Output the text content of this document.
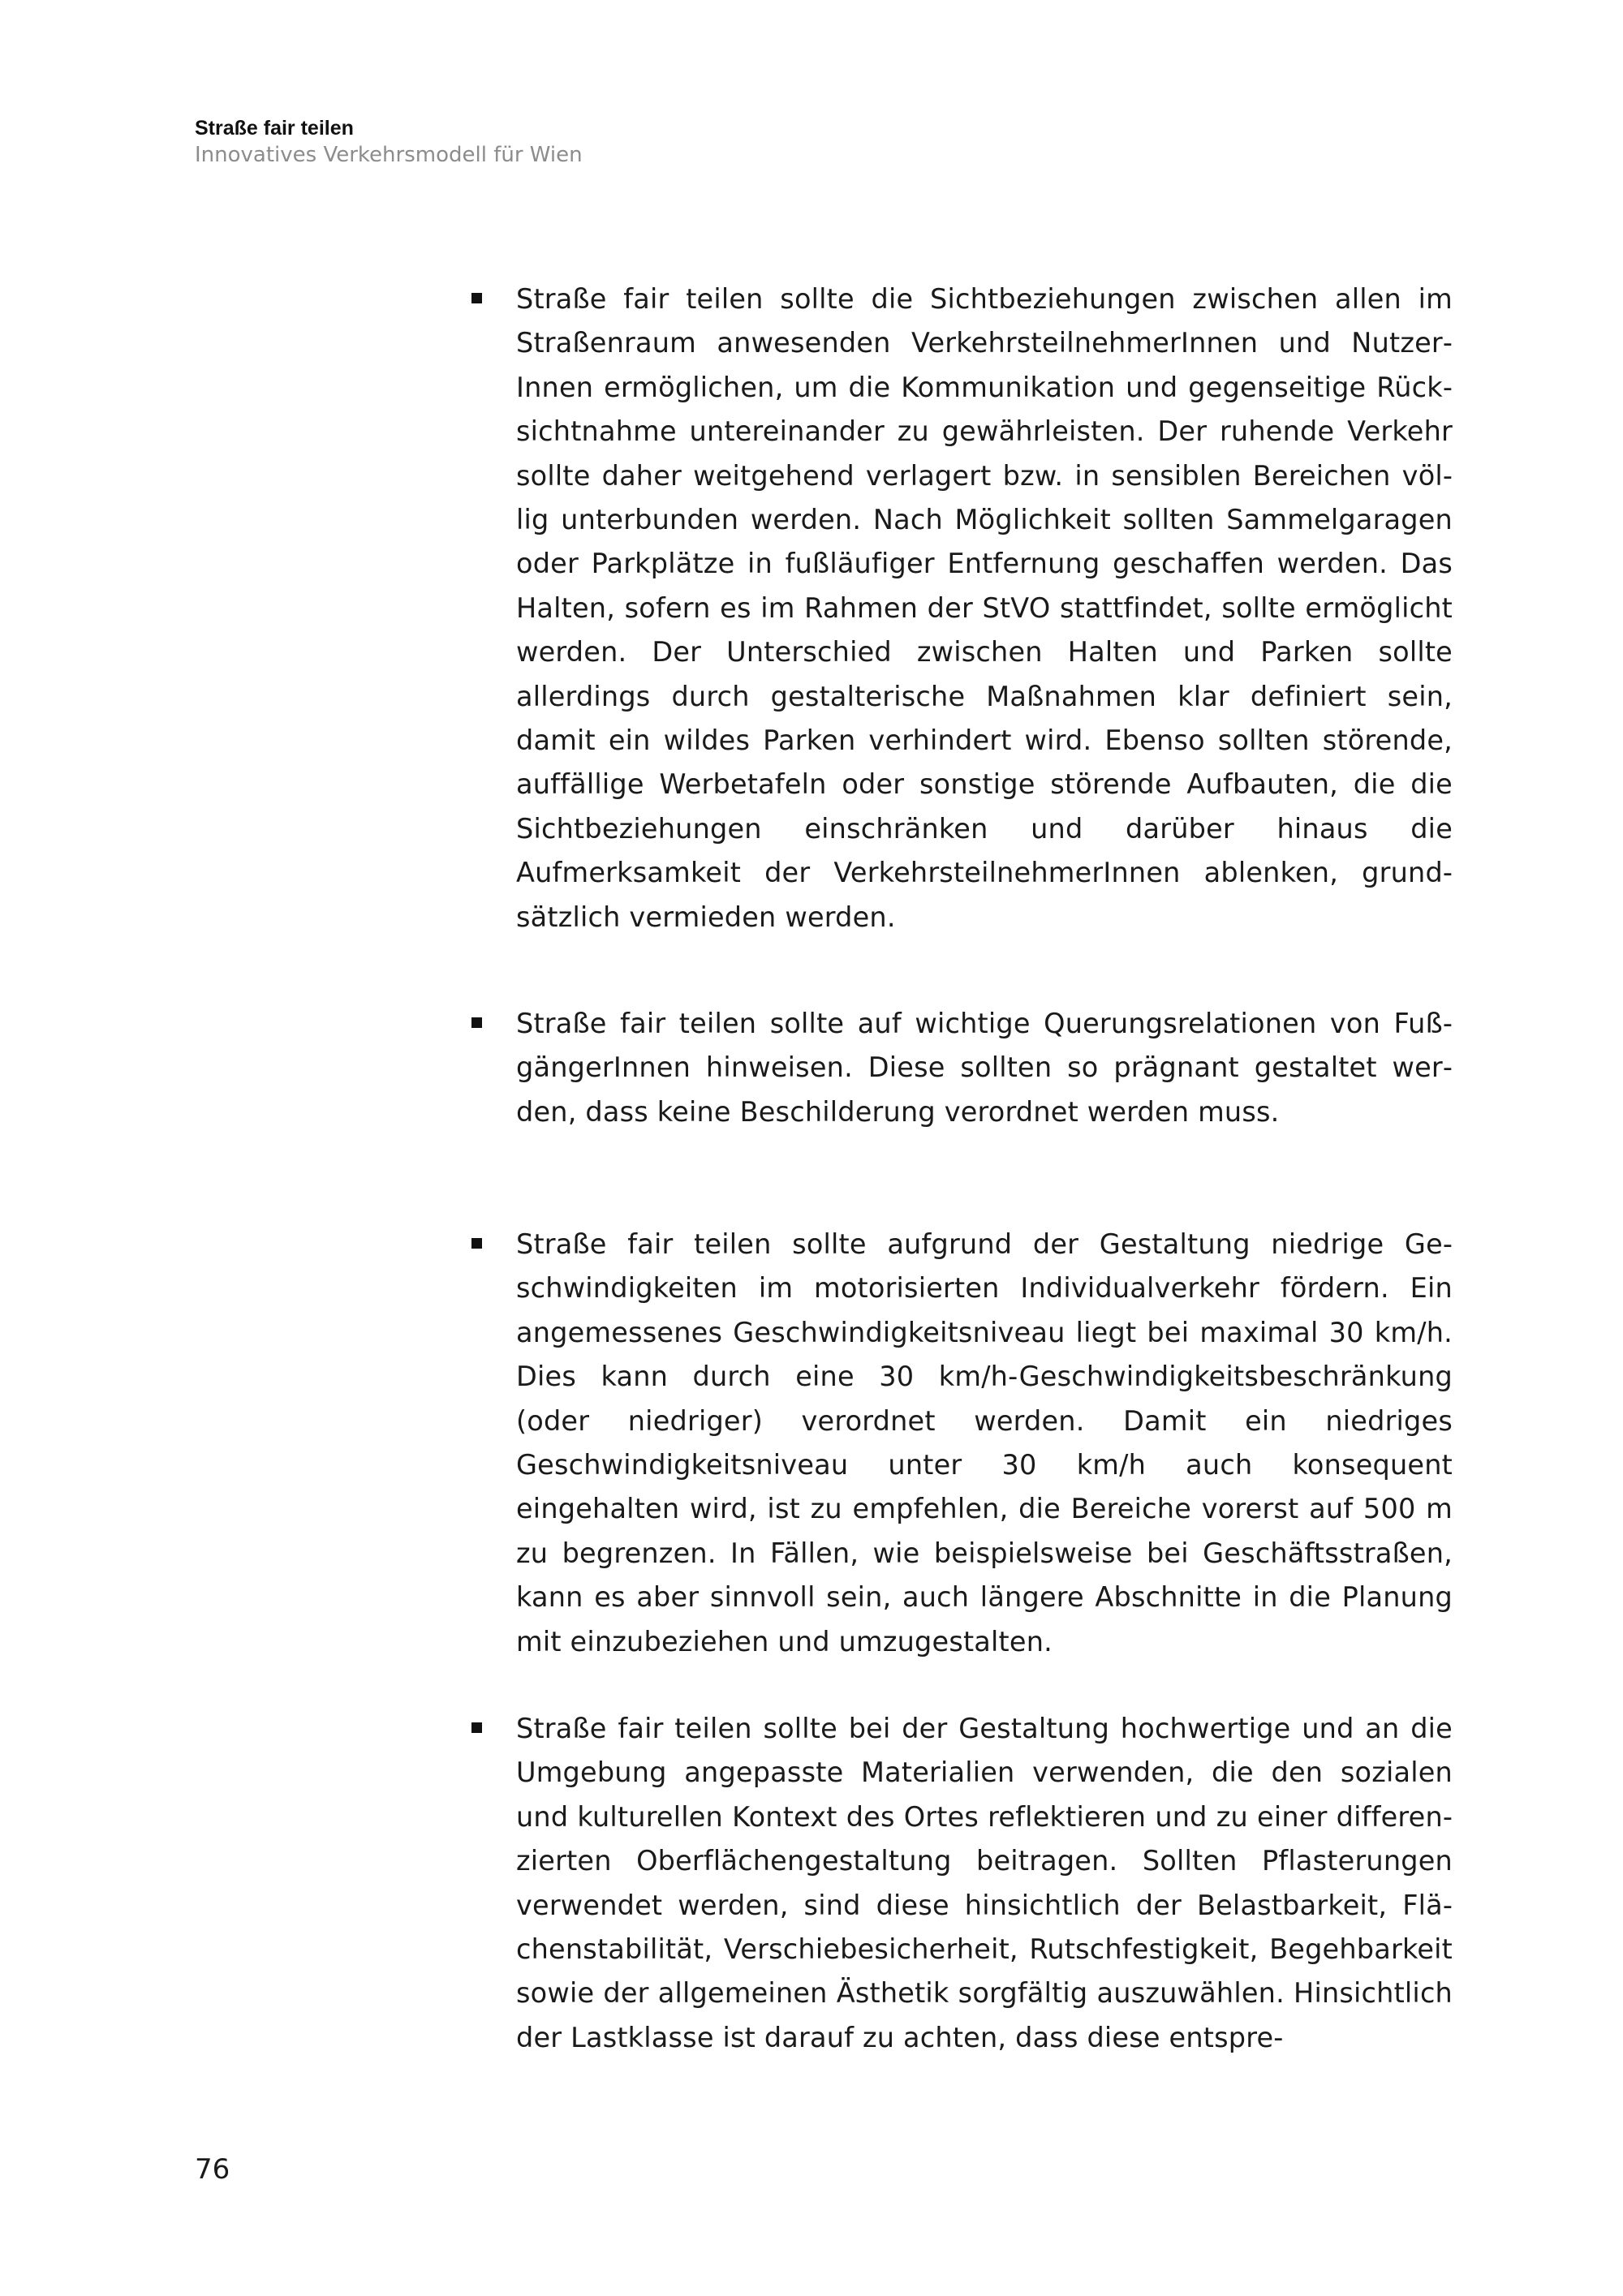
Straße fair teilen
Innovatives Verkehrsmodell für Wien
Straße fair teilen sollte die Sichtbeziehungen zwischen allen im Straßenraum anwesenden VerkehrsteilnehmerInnen und NutzerInnen ermöglichen, um die Kommunikation und gegenseitige Rücksichtnahme untereinander zu gewährleisten. Der ruhende Verkehr sollte daher weitgehend verlagert bzw. in sensiblen Bereichen völlig unterbunden werden. Nach Möglichkeit sollten Sammelgaragen oder Parkplätze in fußläufiger Entfernung geschaffen werden. Das Halten, sofern es im Rahmen der StVO stattfindet, sollte ermöglicht werden. Der Unterschied zwischen Halten und Parken sollte allerdings durch gestalterische Maßnahmen klar definiert sein, damit ein wildes Parken verhindert wird. Ebenso sollten störende, auffällige Werbetafeln oder sonstige störende Aufbauten, die die Sichtbeziehungen einschränken und darüber hinaus die Aufmerksamkeit der VerkehrsteilnehmerInnen ablenken, grundsätzlich vermieden werden.
Straße fair teilen sollte auf wichtige Querungsrelationen von FußgängerInnen hinweisen. Diese sollten so prägnant gestaltet werden, dass keine Beschilderung verordnet werden muss.
Straße fair teilen sollte aufgrund der Gestaltung niedrige Geschwindigkeiten im motorisierten Individualverkehr fördern. Ein angemessenes Geschwindigkeitsniveau liegt bei maximal 30 km/h. Dies kann durch eine 30 km/h-Geschwindigkeitsbeschränkung (oder niedriger) verordnet werden. Damit ein niedriges Geschwindigkeitsniveau unter 30 km/h auch konsequent eingehalten wird, ist zu empfehlen, die Bereiche vorerst auf 500 m zu begrenzen. In Fällen, wie beispielsweise bei Geschäftsstraßen, kann es aber sinnvoll sein, auch längere Abschnitte in die Planung mit einzubeziehen und umzugestalten.
Straße fair teilen sollte bei der Gestaltung hochwertige und an die Umgebung angepasste Materialien verwenden, die den sozialen und kulturellen Kontext des Ortes reflektieren und zu einer differenzierten Oberflächengestaltung beitragen. Sollten Pflasterungen verwendet werden, sind diese hinsichtlich der Belastbarkeit, Flächenstabilität, Verschiebesicherheit, Rutschfestigkeit, Begehbarkeit sowie der allgemeinen Ästhetik sorgfältig auszuwählen. Hinsichtlich der Lastklasse ist darauf zu achten, dass diese entspre-
76
